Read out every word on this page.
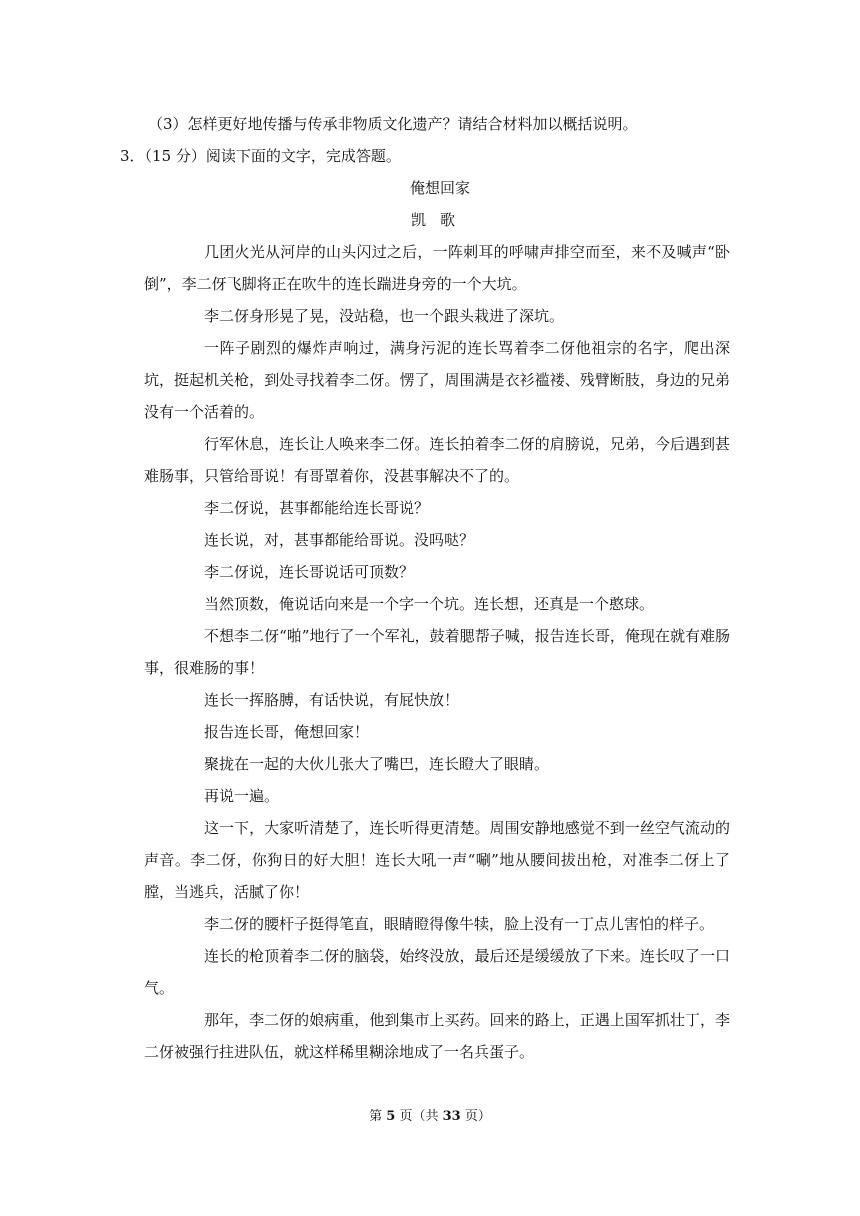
（3）怎样更好地传播与传承非物质文化遗产？请结合材料加以概括说明。
3．（15 分）阅读下面的文字，完成答题。
俺想回家
凯歌

几团火光从河岸的山头闪过之后，一阵刺耳的呼啸声排空而至，来不及喊声“卧倒”，李二伢飞脚将正在吹牛的连长踹进身旁的一个大坑。

李二伢身形晃了晃，没站稳，也一个跟头栽进了深坑。

一阵子剧烈的爆炸声响过，满身污泥的连长骂着李二伢他祖宗的名字，爬出深坑，挺起机关枪，到处寻找着李二伢。愣了，周围满是衣衫褴褛、残臂断肢，身边的兄弟没有一个活着的。

行军休息，连长让人唤来李二伢。连长拍着李二伢的肩膀说，兄弟，今后遇到甚难肠事，只管给哥说！有哥罩着你，没甚事解决不了的。

李二伢说，甚事都能给连长哥说？

连长说，对，甚事都能给哥说。没吗哒？

李二伢说，连长哥说话可顶数？

当然顶数，俺说话向来是一个字一个坑。连长想，还真是一个憨球。

不想李二伢“啪”地行了一个军礼，鼓着腮帮子喊，报告连长哥，俺现在就有难肠事，很难肠的事！

连长一挥胳膊，有话快说，有屁快放！

报告连长哥，俺想回家！

聚拢在一起的大伙儿张大了嘴巴，连长瞪大了眼睛。

再说一遍。

这一下，大家听清楚了，连长听得更清楚。周围安静地感觉不到一丝空气流动的声音。李二伢，你狗日的好大胆！连长大吼一声“唰”地从腰间拔出枪，对准李二伢上了膛，当逃兵，活腻了你！

李二伢的腰杆子挺得笔直，眼睛瞪得像牛犊，脸上没有一丁点儿害怕的样子。

连长的枪顶着李二伢的脑袋，始终没放，最后还是缓缓放了下来。连长叹了一口气。

那年，李二伢的娘病重，他到集市上买药。回来的路上，正遇上国军抓壮丁，李二伢被强行拄进队伍，就这样稀里糊涂地成了一名兵蛋子。

第 5 页（共 33 页）
